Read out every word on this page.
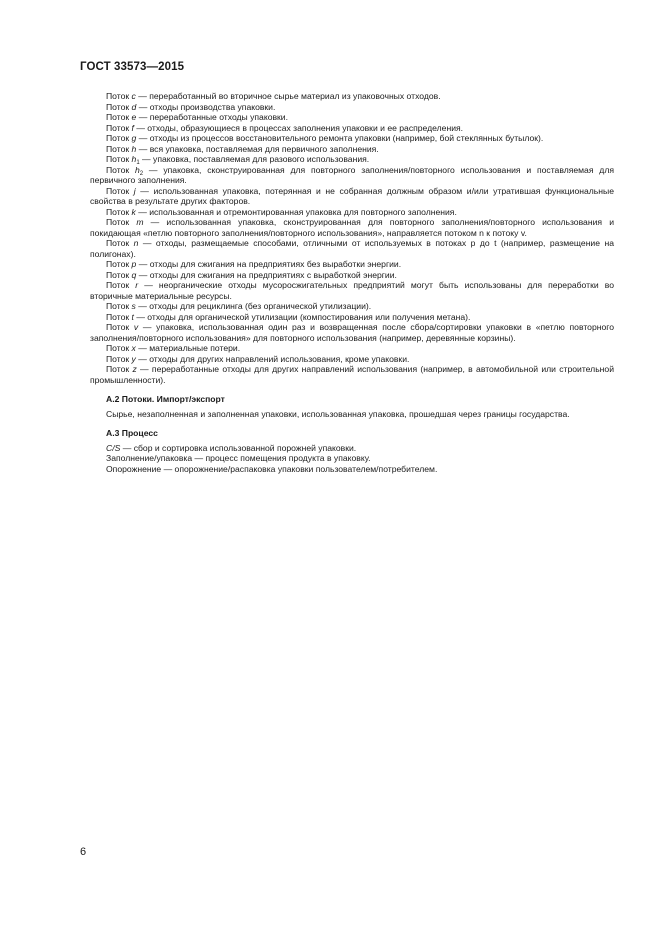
ГОСТ 33573—2015

Поток c — переработанный во вторичное сырье материал из упаковочных отходов.

Поток d — отходы производства упаковки.

Поток e — переработанные отходы упаковки.

Поток f — отходы, образующиеся в процессах заполнения упаковки и ее распределения.

Поток g — отходы из процессов восстановительного ремонта упаковки (например, бой стеклянных бутылок).

Поток h — вся упаковка, поставляемая для первичного заполнения.

Поток $h_1$ — упаковка, поставляемая для разового использования.

Поток $h_2$ — упаковка, сконструированная для повторного заполнения/повторного использования и поставляемая для первичного заполнения.

Поток j — использованная упаковка, потерянная и не собранная должным образом и/или утратившая функциональные свойства в результате других факторов.

Поток k — использованная и отремонтированная упаковка для повторного заполнения.

Поток m — использованная упаковка, сконструированная для повторного заполнения/повторного использования и покидающая «петлю повторного заполнения/повторного использования», направляется потоком n к потоку v.

Поток n — отходы, размещаемые способами, отличными от используемых в потоках p до t (например, размещение на полигонах).

Поток p — отходы для сжигания на предприятиях без выработки энергии.

Поток q — отходы для сжигания на предприятиях с выработкой энергии.

Поток r — неорганические отходы мусоросжигательных предприятий могут быть использованы для переработки во вторичные материальные ресурсы.

Поток s — отходы для рециклинга (без органической утилизации).

Поток t — отходы для органической утилизации (компостирования или получения метана).

Поток v — упаковка, использованная один раз и возвращенная после сбора/сортировки упаковки в «петлю повторного заполнения/повторного использования» для повторного использования (например, деревянные корзины).

Поток x — материальные потери.

Поток y — отходы для других направлений использования, кроме упаковки.

Поток z — переработанные отходы для других направлений использования (например, в автомобильной или строительной промышленности).

А.2 Потоки. Импорт/экспорт

Сырье, незаполненная и заполненная упаковки, использованная упаковка, прошедшая через границы государства.

А.3 Процесс

C/S — сбор и сортировка использованной порожней упаковки.

Заполнение/упаковка — процесс помещения продукта в упаковку.

Опорожнение — опорожнение/распаковка упаковки пользователем/потребителем.

6
